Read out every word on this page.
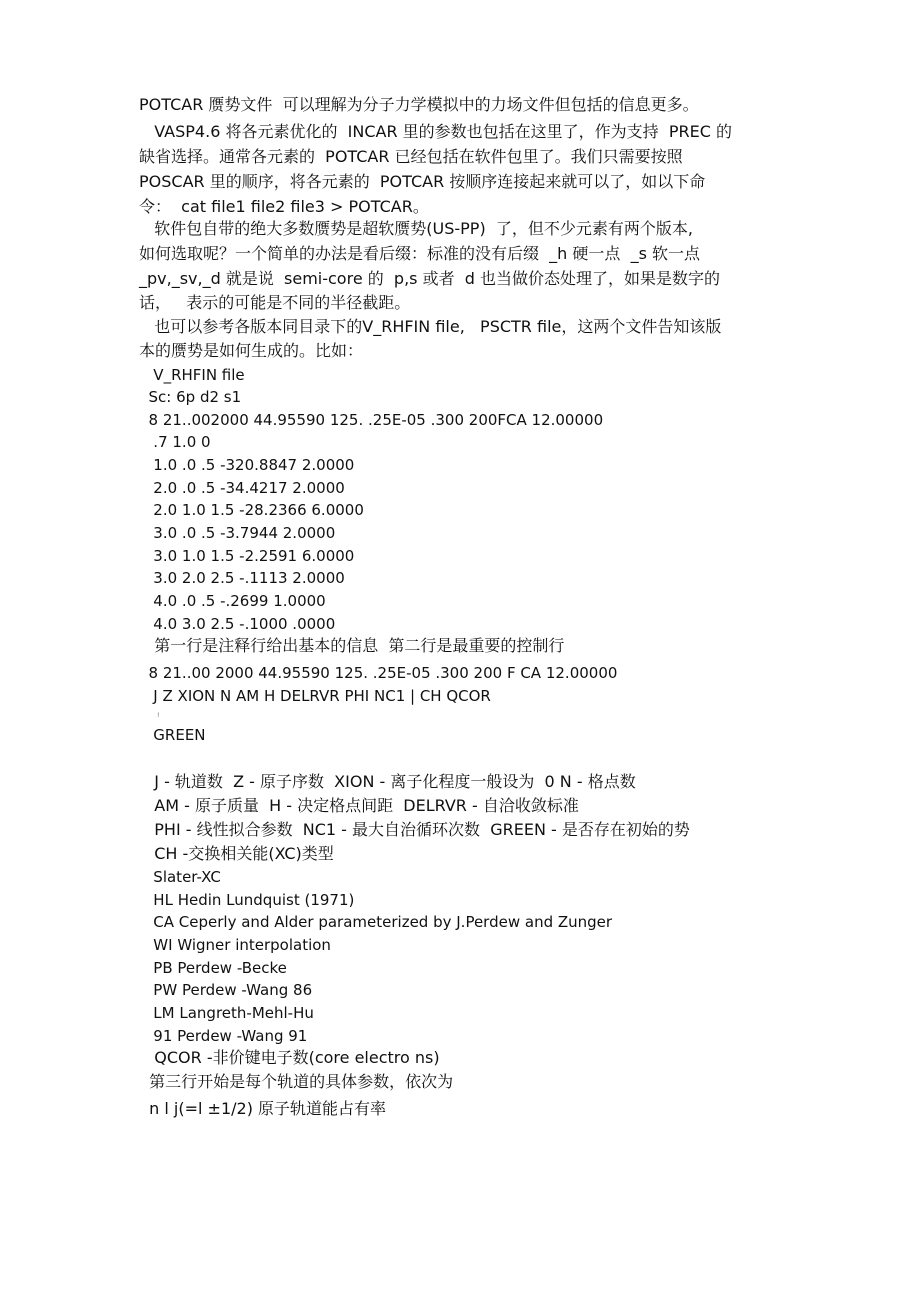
POTCAR 赝势文件  可以理解为分子力学模拟中的力场文件但包括的信息更多。
VASP4.6 将各元素优化的  INCAR 里的参数也包括在这里了，作为支持  PREC 的
缺省选择。通常各元素的  POTCAR 已经包括在软件包里了。我们只需要按照
POSCAR 里的顺序，将各元素的  POTCAR 按顺序连接起来就可以了，如以下命
令：  cat file1 file2 file3 > POTCAR。
软件包自带的绝大多数赝势是超软赝势(US-PP)  了，但不少元素有两个版本,
如何选取呢？一个简单的办法是看后缀：标准的没有后缀  _h 硬一点  _s 软一点
_pv,_sv,_d 就是说  semi-core 的  p,s 或者  d 也当做价态处理了，如果是数字的
话，   表示的可能是不同的半径截距。
也可以参考各版本同目录下的V_RHFIN file,   PSCTR file，这两个文件告知该版
本的赝势是如何生成的。比如：
V_RHFIN file
Sc: 6p d2 s1
8 21..002000 44.95590 125. .25E-05 .300 200FCA 12.00000
.7 1.0 0
1.0 .0 .5 -320.8847 2.0000
2.0 .0 .5 -34.4217 2.0000
2.0 1.0 1.5 -28.2366 6.0000
3.0 .0 .5 -3.7944 2.0000
3.0 1.0 1.5 -2.2591 6.0000
3.0 2.0 2.5 -.1113 2.0000
4.0 .0 .5 -.2699 1.0000
4.0 3.0 2.5 -.1000 .0000
第一行是注释行给出基本的信息  第二行是最重要的控制行
8 21..00 2000 44.95590 125. .25E-05 .300 200 F CA 12.00000
J Z XION N AM H DELRVR PHI NC1 | CH QCOR
!
GREEN
J - 轨道数  Z - 原子序数  XION - 离子化程度一般设为  0 N - 格点数
AM - 原子质量  H - 决定格点间距  DELRVR - 自洽收敛标准
PHI - 线性拟合参数  NC1 - 最大自治循环次数  GREEN - 是否存在初始的势
CH -交换相关能(XC)类型
Slater-XC
HL Hedin Lundquist (1971)
CA Ceperly and Alder parameterized by J.Perdew and Zunger
WI Wigner interpolation
PB Perdew -Becke
PW Perdew -Wang 86
LM Langreth-Mehl-Hu
91 Perdew -Wang 91
QCOR -非价键电子数(core electro ns)
第三行开始是每个轨道的具体参数，依次为
n l j(=l ±1/2) 原子轨道能占有率
